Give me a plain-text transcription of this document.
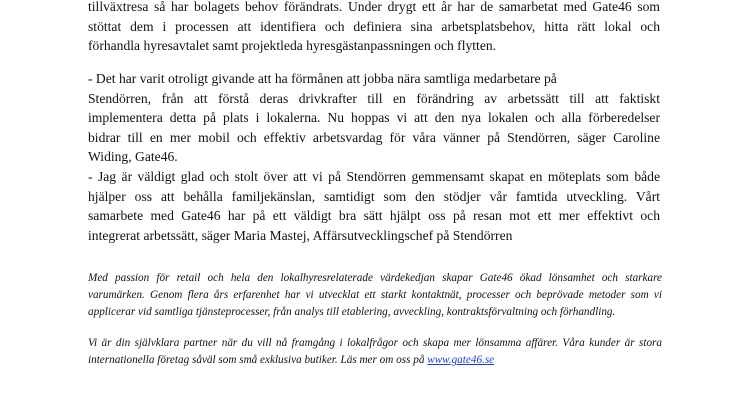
tillväxtresa så har bolagets behov förändrats. Under drygt ett år har de samarbetat med Gate46 som
stöttat dem i processen att identifiera och definiera sina arbetsplatsbehov, hitta rätt lokal och
förhandla hyresavtalet samt projektleda hyresgästanpassningen och flytten.
- Det har varit otroligt givande att ha förmånen att jobba nära samtliga medarbetare på
Stendörren, från att förstå deras drivkrafter till en förändring av arbetssätt till att faktiskt
implementera detta på plats i lokalerna. Nu hoppas vi att den nya lokalen och alla förberedelser
bidrar till en mer mobil och effektiv arbetsvardag för våra vänner på Stendörren, säger Caroline
Widing, Gate46.
- Jag är väldigt glad och stolt över att vi på Stendörren gemmensamt skapat en möteplats som både
hjälper oss att behålla familjekänslan, samtidigt som den stödjer vår famtida utveckling. Vårt
samarbete med Gate46 har på ett väldigt bra sätt hjälpt oss på resan mot ett mer effektivt och
integrerat arbetssätt, säger Maria Mastej, Affärsutvecklingschef på Stendörren
Med passion för retail och hela den lokalhyresrelaterade värdekedjan skapar Gate46 ökad lönsamhet och starkare
varumärken. Genom flera års erfarenhet har vi utvecklat ett starkt kontaktnät, processer och beprövade metoder som vi
applicerar vid samtliga tjänsteprocesser, från analys till etablering, avveckling, kontraktsförvaltning och förhandling.
Vi är din självklara partner när du vill nå framgång i lokalfrågor och skapa mer lönsamma affärer. Våra kunder är stora
internationella företag såväl som små exklusiva butiker. Läs mer om oss på www.gate46.se
